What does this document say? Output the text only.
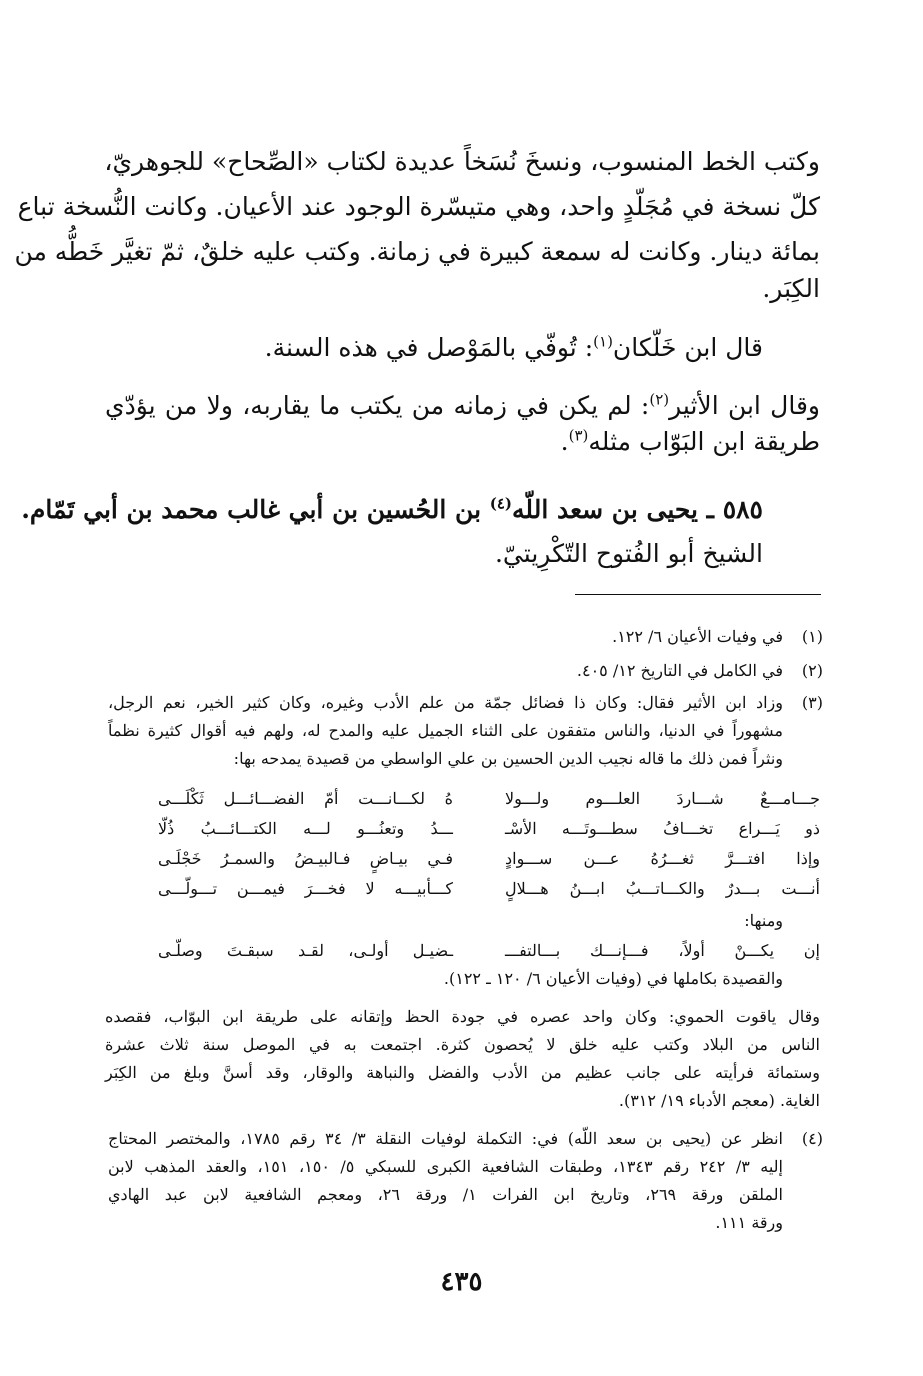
وكتب الخط المنسوب، ونسخَ نُسَخاً عديدة لكتاب «الصِّحاح» للجوهريّ،
كلّ نسخة في مُجَلّدٍ واحد، وهي متيسّرة الوجود عند الأعيان. وكانت النُّسخة تباع
بمائة دينار. وكانت له سمعة كبيرة في زمانة. وكتب عليه خلقٌ، ثمّ تغيَّر خَطُّه من
الكِبَر.
قال ابن خَلّكان$^{(١)}$: تُوفّي بالمَوْصل في هذه السنة.
وقال ابن الأثير$^{(٢)}$: لم يكن في زمانه من يكتب ما يقاربه، ولا من يؤدّي
طريقة ابن البَوّاب مثله$^{(٣)}$.
٥٨٥ ـ يحيى بن سعد اللّه$^{(٤)}$ بن الحُسين بن أبي غالب محمد بن أبي تَمّام.
الشيخ أبو الفُتوح التّكْرِيتيّ.
(١)
في وفيات الأعيان ٦/ ١٢٢.
(٢)
في الكامل في التاريخ ١٢/ ٤٠٥.
(٣)
وزاد ابن الأثير فقال: وكان ذا فضائل جمّة من علم الأدب وغيره، وكان كثير الخير، نعم الرجل،
مشهوراً في الدنيا، والناس متفقون على الثناء الجميل عليه والمدح له، ولهم فيه أقوال كثيرة نظماً
ونثراً فمن ذلك ما قاله نجيب الدين الحسين بن علي الواسطي من قصيدة يمدحه بها:
جـــامـــعٌ شـــاردَ العلـــوم ولـــولا
هُ لكـــانـــت أمّ الفضـــائـــل ثَكْلَـــى
ذو يَـــراع تخـــافُ سطـــوتَـــه الأسْـ
ـــدُ وتعنُـــو لـــه الكتـــائـــبُ ذُلّا
وإذا افتـــرَّ ثغـــرُهُ عـــن ســـوادٍ
فـي بيـاضٍ فـالبيـضُ والسمـرُ خَجْلَـى
أنـــت بـــدرٌ والكـــاتـــبُ ابـــنُ هـــلالٍ
كـــأبيـــه لا فخـــرَ فيمـــن تـــولّـــى
ومنها:
إن يكـــنْ أولاً، فـــإنـــك بـــالتفـــ
ـضيـل أولـى، لقـد سبقـتَ وصلّـى
والقصيدة بكاملها في (وفيات الأعيان ٦/ ١٢٠ ـ ١٢٢).
وقال ياقوت الحموي: وكان واحد عصره في جودة الحظ وإتقانه على طريقة ابن البوّاب، فقصده
الناس من البلاد وكتب عليه خلق لا يُحصون كثرة. اجتمعت به في الموصل سنة ثلاث عشرة
وستمائة فرأيته على جانب عظيم من الأدب والفضل والنباهة والوقار، وقد أسنَّ وبلغ من الكِبَر
الغاية. (معجم الأدباء ١٩/ ٣١٢).
(٤)
انظر عن (يحيى بن سعد اللّه) في: التكملة لوفيات النقلة ٣/ ٣٤ رقم ١٧٨٥، والمختصر المحتاج
إليه ٣/ ٢٤٢ رقم ١٣٤٣، وطبقات الشافعية الكبرى للسبكي ٥/ ١٥٠، ١٥١، والعقد المذهب لابن
الملقن ورقة ٢٦٩، وتاريخ ابن الفرات ١/ ورقة ٢٦، ومعجم الشافعية لابن عبد الهادي
ورقة ١١١.
٤٣٥
